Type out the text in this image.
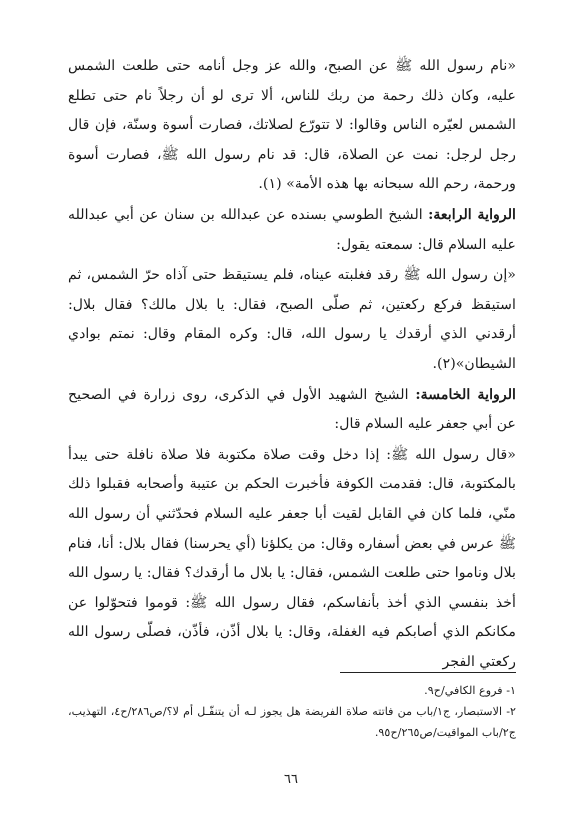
«نام رسول الله ﷺ عن الصبح، والله عز وجل أنامه حتى طلعت الشمس عليه، وكان ذلك رحمة من ربك للناس، ألا ترى لو أن رجلاً نام حتى تطلع الشمس لعيّره الناس وقالوا: لا تتورّع لصلاتك، فصارت أسوة وسنّة، فإن قال رجل لرجل: نمت عن الصلاة، قال: قد نام رسول الله ﷺ، فصارت أسوة ورحمة، رحم الله سبحانه بها هذه الأمة» (١).

الرواية الرابعة: الشيخ الطوسي بسنده عن عبدالله بن سنان عن أبي عبدالله عليه السلام قال: سمعته يقول:

«إن رسول الله ﷺ رقد فغلبته عيناه، فلم يستيقظ حتى آذاه حرّ الشمس، ثم استيقظ فركع ركعتين، ثم صلّى الصبح، فقال: يا بلال مالك؟ فقال بلال: أرقدني الذي أرقدك يا رسول الله، قال: وكره المقام وقال: نمتم بوادي الشيطان»(٢).

الرواية الخامسة: الشيخ الشهيد الأول في الذكرى، روى زرارة في الصحيح عن أبي جعفر عليه السلام قال:

«قال رسول الله ﷺ: إذا دخل وقت صلاة مكتوبة فلا صلاة نافلة حتى يبدأ بالمكتوبة، قال: فقدمت الكوفة فأخبرت الحكم بن عتيبة وأصحابه فقبلوا ذلك منّي، فلما كان في القابل لقيت أبا جعفر عليه السلام فحدّثني أن رسول الله ﷺ عرس في بعض أسفاره وقال: من يكلؤنا (أي يحرسنا) فقال بلال: أنا، فنام بلال وناموا حتى طلعت الشمس، فقال: يا بلال ما أرقدك؟ فقال: يا رسول الله أخذ بنفسي الذي أخذ بأنفاسكم، فقال رسول الله ﷺ: قوموا فتحوّلوا عن مكانكم الذي أصابكم فيه الغفلة، وقال: يا بلال أذّن، فأذّن، فصلّى رسول الله ركعتي الفجر

١- فروع الكافي/ح٩.

٢- الاستبصار، ج١/باب من فاتته صلاة الفريضة هل يجوز لـه أن يتنفّـل أم لا؟/ص٢٨٦/ح٤، التهذيب، ج٢/باب المواقيت/ص٢٦٥/ح٩٥.

٦٦
